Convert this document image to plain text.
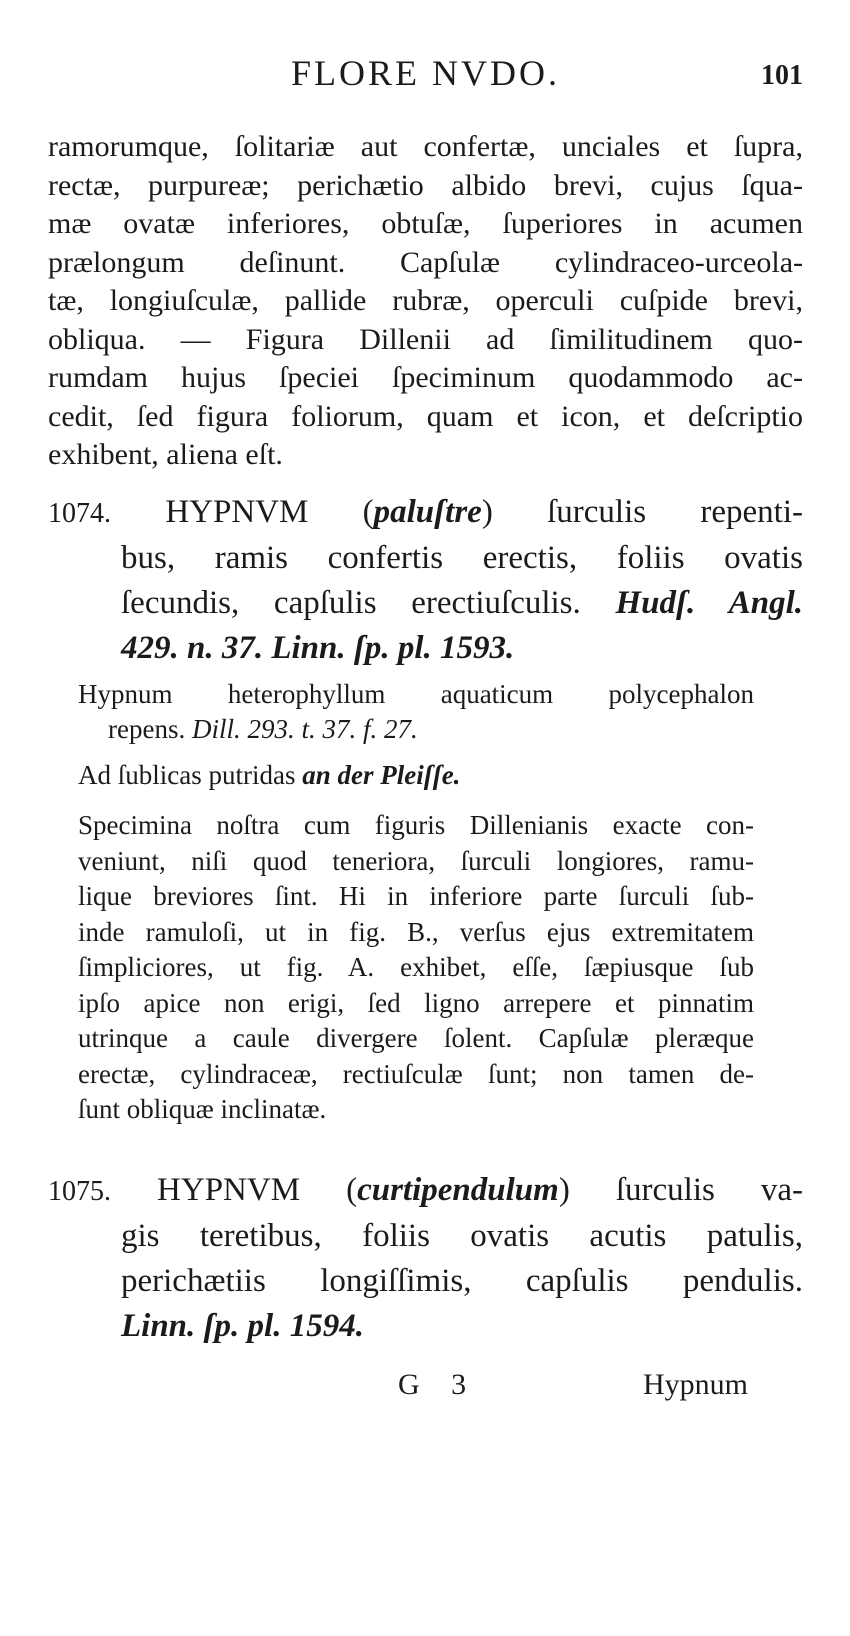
FLORE NVDO.	101
ramorumque, ſolitariæ aut confertæ, unciales et ſupra,
rectæ, purpureæ; perichætio albido brevi, cujus ſqua-
mæ ovatæ inferiores, obtuſæ, ſuperiores in acumen
prælongum deſinunt. Capſulæ cylindraceo-urceola-
tæ, longiuſculæ, pallide rubræ, operculi cuſpide brevi,
obliqua. — Figura Dillenii ad ſimilitudinem quo-
rumdam hujus ſpeciei ſpeciminum quodammodo ac-
cedit, ſed figura foliorum, quam et icon, et deſcriptio
exhibent, aliena eſt.
1074. HYPNVM (paluſtre) ſurculis repenti-
bus, ramis confertis erectis, foliis ovatis
ſecundis, capſulis erectiuſculis. Hudſ. Angl.
429. n. 37. Linn. ſp. pl. 1593.
Hypnum heterophyllum aquaticum polycephalon
repens. Dill. 293. t. 37. f. 27.
Ad ſublicas putridas an der Pleiſſe.
Specimina noſtra cum figuris Dillenianis exacte con-
veniunt, niſi quod teneriora, ſurculi longiores, ramu-
lique breviores ſint. Hi in inferiore parte ſurculi ſub-
inde ramuloſi, ut in fig. B., verſus ejus extremitatem
ſimpliciores, ut fig. A. exhibet, eſſe, ſæpiusque ſub
ipſo apice non erigi, ſed ligno arrepere et pinnatim
utrinque a caule divergere ſolent. Capſulæ pleræque
erectæ, cylindraceæ, rectiuſculæ ſunt; non tamen de-
ſunt obliquæ inclinatæ.
1075. HYPNVM (curtipendulum) ſurculis va-
gis teretibus, foliis ovatis acutis patulis,
perichætiis longiſſimis, capſulis pendulis.
Linn. ſp. pl. 1594.
G 3	Hypnum
